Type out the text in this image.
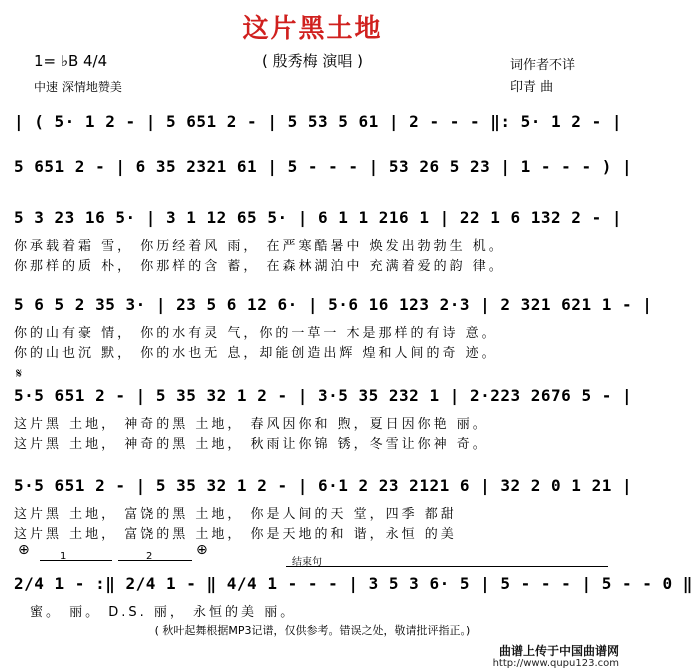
这片黑土地
1= ♭B 4/4
中速 深情地赞美
( 殷秀梅 演唱 )	词作者不详
印青 曲
| ( 5· 1 2 - | 5 651 2 - | 5 53 5 61 | 2 - - - ‖: 5· 1 2 - |
5 651 2 - | 6 35 2321 61 | 5 - - - | 53 26 5 23 | 1 - - - ) |
5 3 23 16 5· | 3 1 12 65 5· | 6 1 1 216 1 | 22 1 6 132 2 - |
你承载着霜 雪， 你历经着风 雨， 在严寒酷暑中 焕发出勃勃生 机。
你那样的质 朴， 你那样的含 蓄， 在森林湖泊中 充满着爱的韵 律。
5 6 5 2 35 3· | 23 5 6 12 6· | 5·6 16 123 2·3 | 2 321 621 1 - |
你的山有豪 情， 你的水有灵 气，你的一草一 木是那样的有诗 意。
你的山也沉 默， 你的水也无 息，却能创造出辉 煌和人间的奇 迹。
𝄋
5·5 651 2 - | 5 35 32 1 2 - | 3·5 35 232 1 | 2·223 2676 5 - |
这片黑 土地， 神奇的黑 土地， 春风因你和 煦，夏日因你艳 丽。
这片黑 土地， 神奇的黑 土地， 秋雨让你锦 锈，冬雪让你神 奇。
5·5 651 2 - | 5 35 32 1 2 - | 6·1 2 23 2121 6 | 32 2 0 1 21 |
这片黑 土地， 富饶的黑 土地， 你是人间的天 堂，四季 都甜
这片黑 土地， 富饶的黑 土地， 你是天地的和 谐，永恒 的美
⊕	⊕
1	2
结束句
2/4 1 - :‖ 2/4 1 - ‖ 4/4 1 - - - | 3 5 3 6· 5 | 5 - - - | 5 - - 0 ‖
蜜。 丽。 D.S. 丽， 永恒的美 丽。
( 秋叶起舞根据MP3记谱，仅供参考。错误之处，敬请批评指正。)
曲谱上传于中国曲谱网
http://www.qupu123.com
